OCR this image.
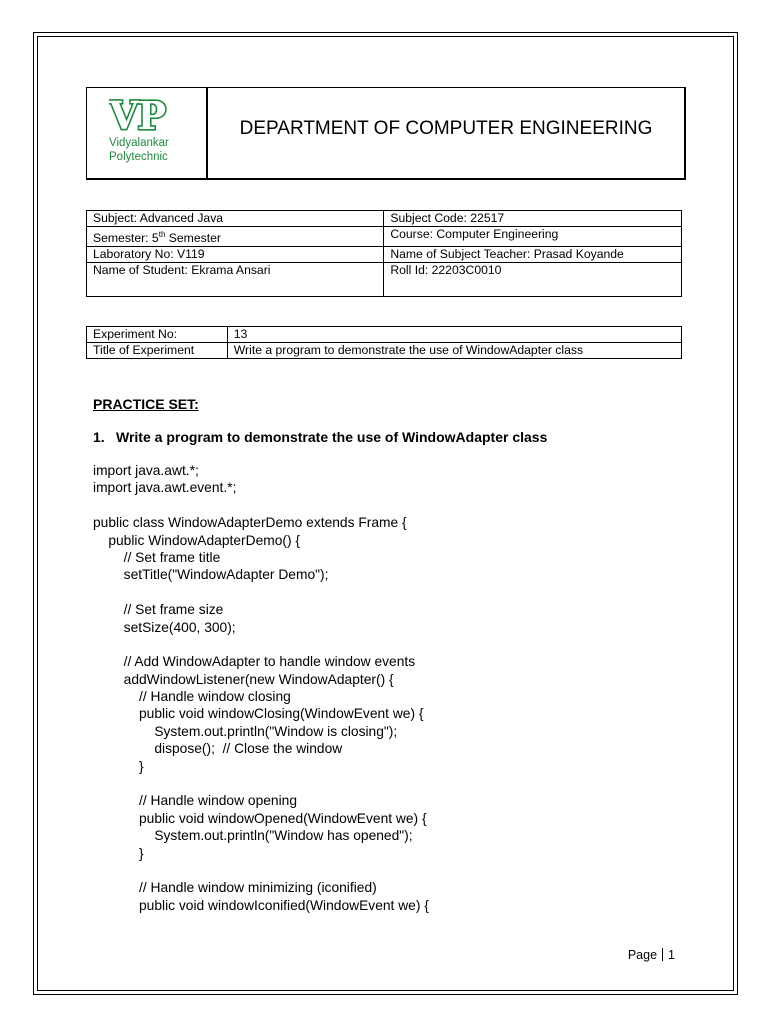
VP
Vidyalankar
Polytechnic
DEPARTMENT OF COMPUTER ENGINEERING
Subject: Advanced Java	Subject Code: 22517
Semester: 5th Semester	Course: Computer Engineering
Laboratory No: V119	Name of Subject Teacher: Prasad Koyande
Name of Student: Ekrama Ansari	Roll Id: 22203C0010
Experiment No:	13
Title of Experiment	Write a program to demonstrate the use of WindowAdapter class
PRACTICE SET:
1. Write a program to demonstrate the use of WindowAdapter class
import java.awt.*;
import java.awt.event.*;
public class WindowAdapterDemo extends Frame {
public WindowAdapterDemo() {
// Set frame title
setTitle("WindowAdapter Demo");
// Set frame size
setSize(400, 300);
// Add WindowAdapter to handle window events
addWindowListener(new WindowAdapter() {
// Handle window closing
public void windowClosing(WindowEvent we) {
System.out.println("Window is closing");
dispose();  // Close the window
}
// Handle window opening
public void windowOpened(WindowEvent we) {
System.out.println("Window has opened");
}
// Handle window minimizing (iconified)
public void windowIconified(WindowEvent we) {
Page 1
